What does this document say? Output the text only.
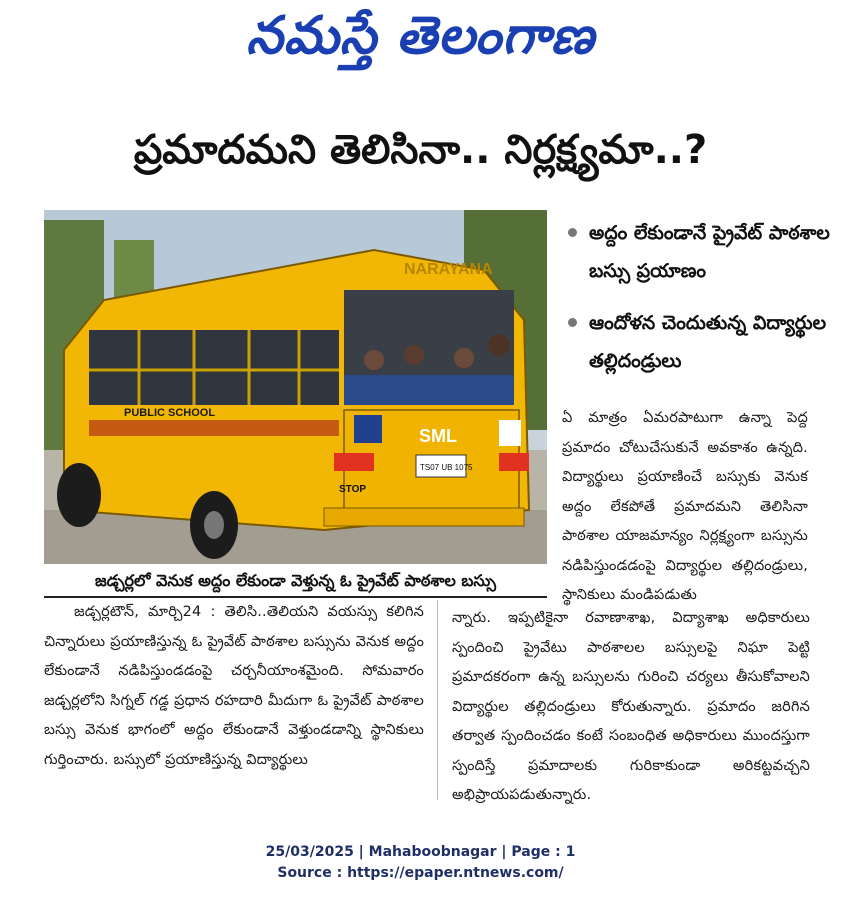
నమస్తే తెలంగాణ
ప్రమాదమని తెలిసినా.. నిర్లక్ష్యమా..?
NARAYANA
PUBLIC SCHOOL
SML
TS07 UB 1075
STOP
జడ్చర్లలో వెనుక అద్దం లేకుండా వెళ్తున్న ఓ ప్రైవేట్ పాఠశాల బస్సు
అద్దం లేకుండానే ప్రైవేట్ పాఠశాల బస్సు ప్రయాణం
ఆందోళన చెందుతున్న విద్యార్థుల తల్లిదండ్రులు
ఏ మాత్రం ఏమరపాటుగా ఉన్నా పెద్ద ప్రమాదం చోటుచేసుకునే అవకాశం ఉన్నది. విద్యార్థులు ప్రయాణించే బస్సుకు వెనుక అద్దం లేకపోతే ప్రమాదమని తెలిసినా పాఠశాల యాజమాన్యం నిర్లక్ష్యంగా బస్సును నడిపిస్తుండడంపై విద్యార్థుల తల్లిదండ్రులు, స్థానికులు మండిపడుతు
జడ్చర్లటౌన్, మార్చి24 : తెలిసి..తెలియని వయస్సు కలిగిన చిన్నారులు ప్రయాణిస్తున్న ఓ ప్రైవేట్ పాఠశాల బస్సును వెనుక అద్దం లేకుండానే నడిపిస్తుండడంపై చర్చనీయాంశమైంది. సోమవారం జడ్చర్లలోని సిగ్నల్ గడ్డ ప్రధాన రహదారి మీదుగా ఓ ప్రైవేట్ పాఠశాల బస్సు వెనుక భాగంలో అద్దం లేకుండానే వెళ్తుండడాన్ని స్థానికులు గుర్తించారు. బస్సులో ప్రయాణిస్తున్న విద్యార్థులు
న్నారు. ఇప్పటికైనా రవాణాశాఖ, విద్యాశాఖ అధికారులు స్పందించి ప్రైవేటు పాఠశాలల బస్సులపై నిఘా పెట్టి ప్రమాదకరంగా ఉన్న బస్సులను గురించి చర్యలు తీసుకోవాలని విద్యార్థుల తల్లిదండ్రులు కోరుతున్నారు. ప్రమాదం జరిగిన తర్వాత స్పందించడం కంటే సంబంధిత అధికారులు ముందస్తుగా స్పందిస్తే ప్రమాదాలకు గురికాకుండా అరికట్టవచ్చని అభిప్రాయపడుతున్నారు.
25/03/2025 | Mahaboobnagar | Page : 1
Source : https://epaper.ntnews.com/
